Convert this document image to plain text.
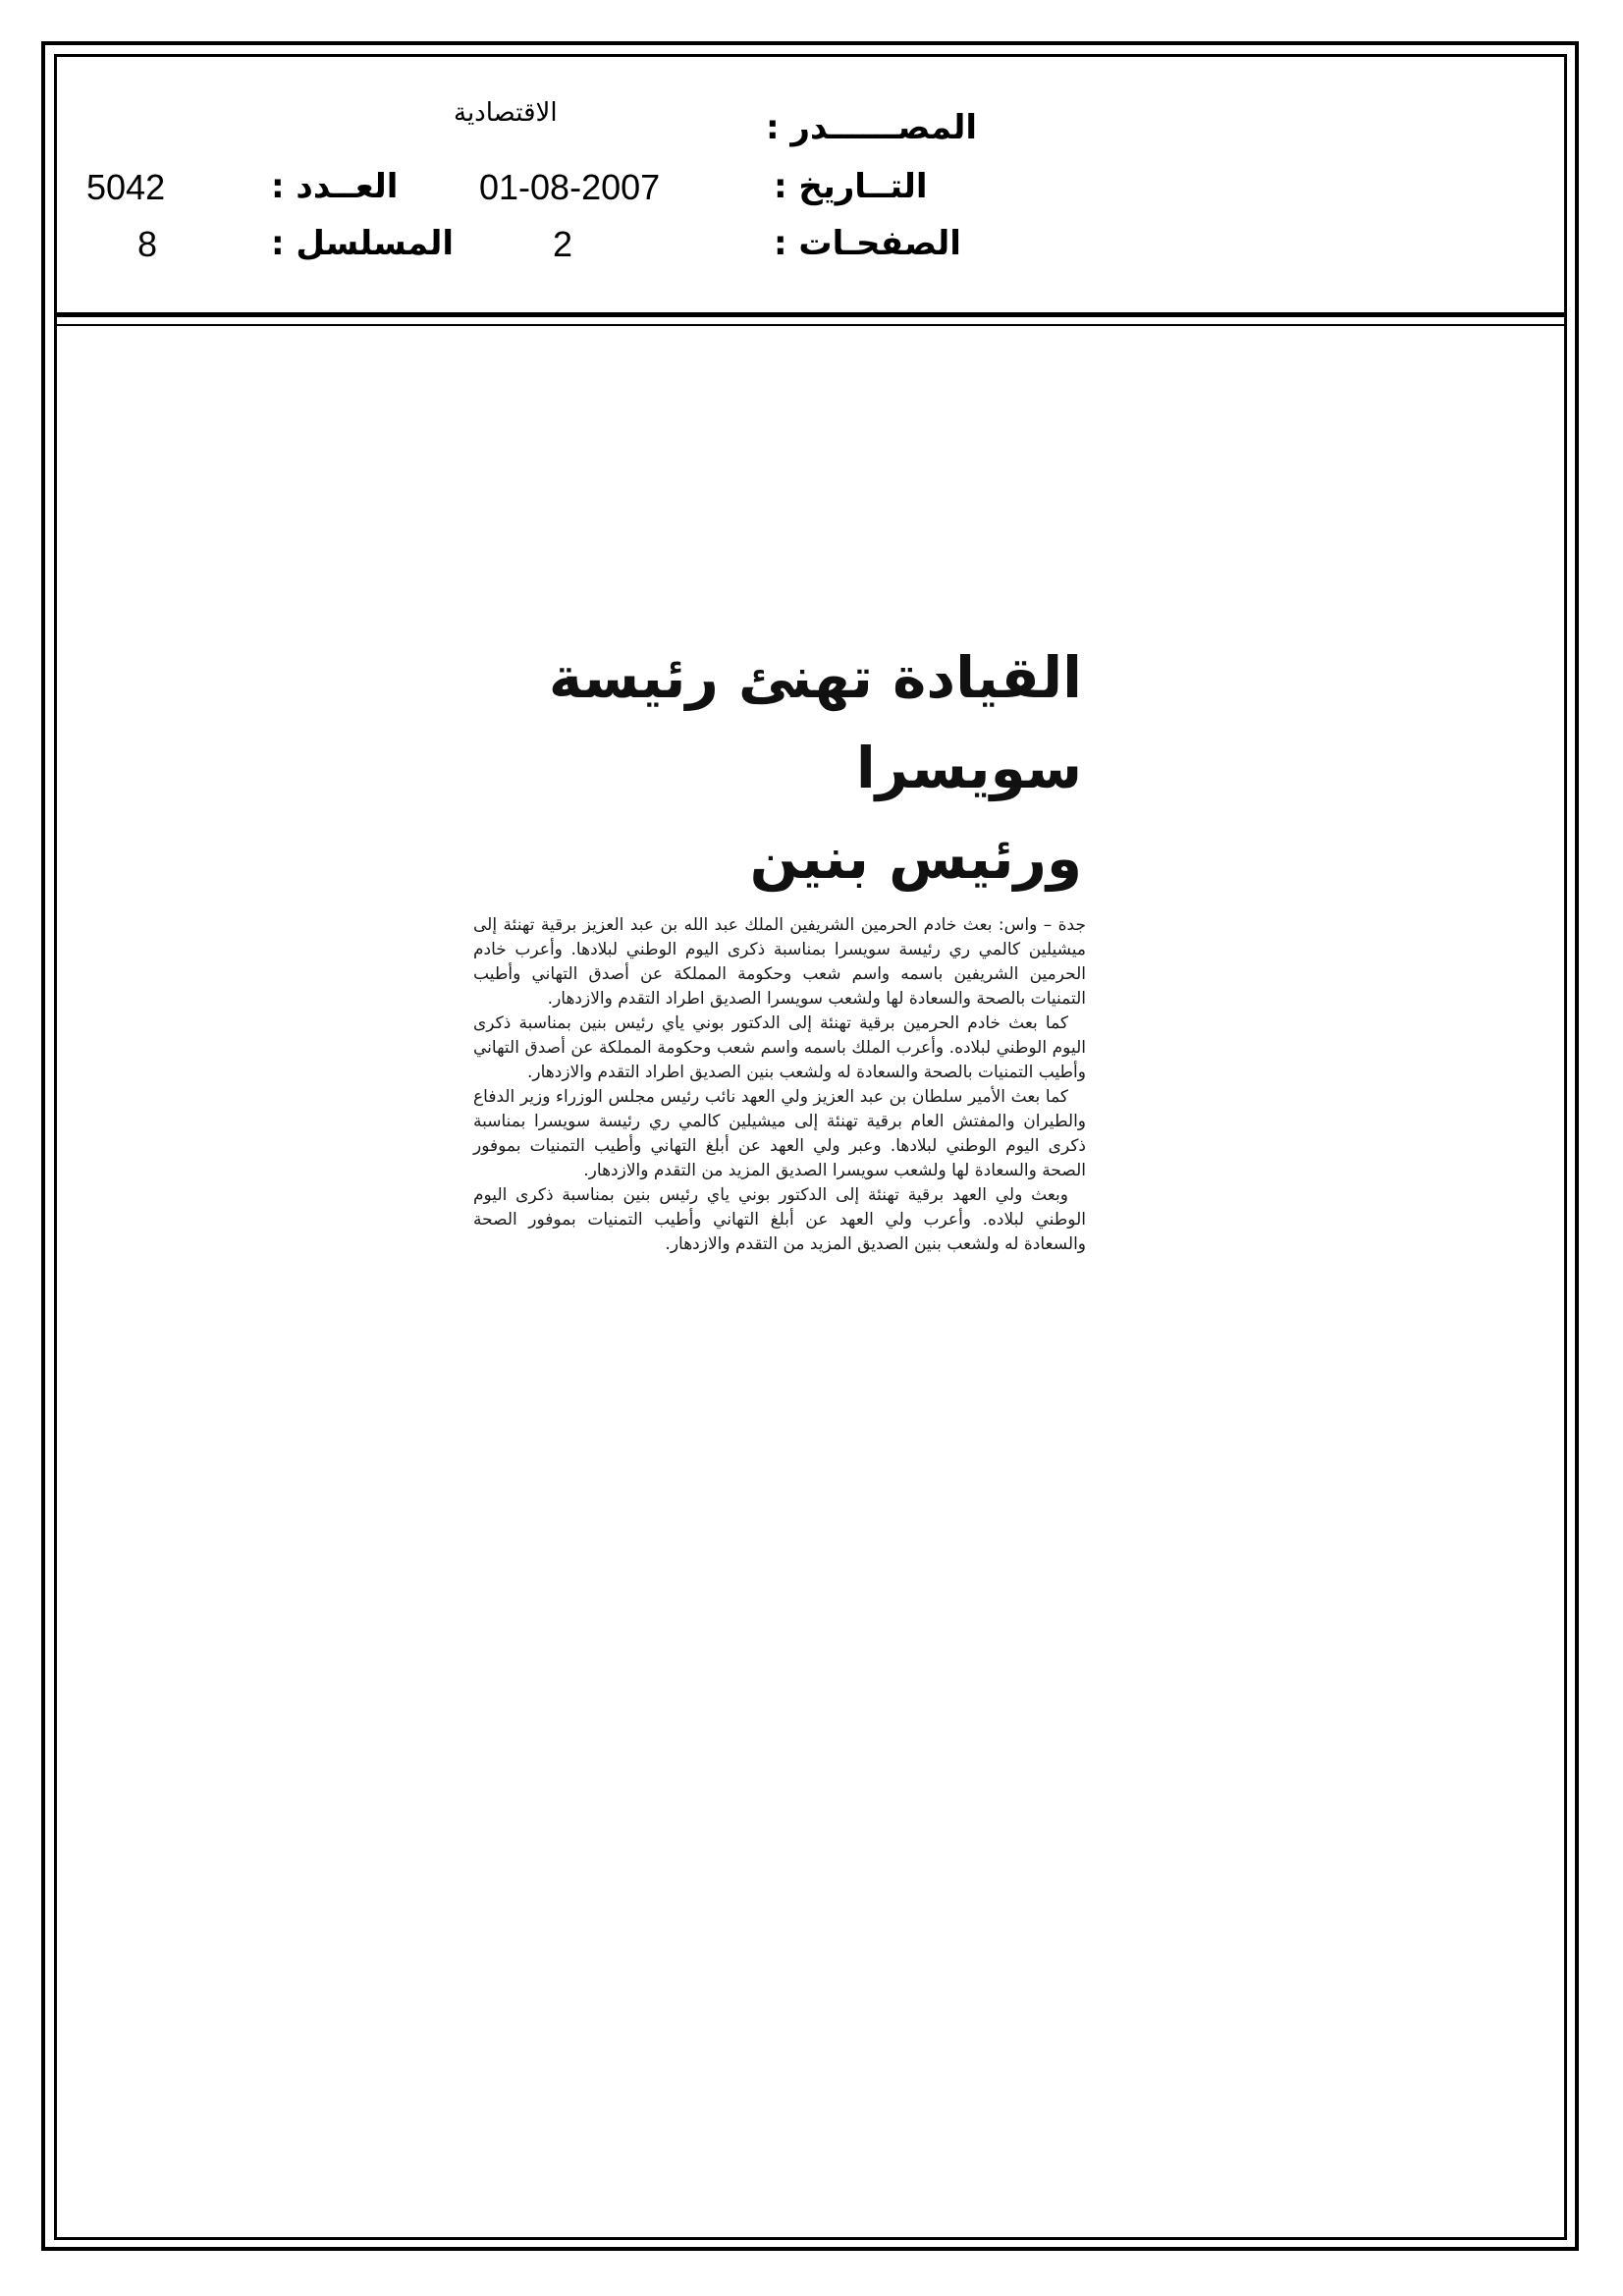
المصــــــدر :
الاقتصادية
التــاريخ :
01-08-2007
العــدد :
5042
الصفحـات :
2
المسلسل :
8
القيادة تهنئ رئيسة سويسرا
ورئيس بنين

جدة – واس: بعث خادم الحرمين الشريفين الملك عبد الله بن عبد العزيز برقية تهنئة إلى ميشيلين كالمي ري رئيسة سويسرا بمناسبة ذكرى اليوم الوطني لبلادها. وأعرب خادم الحرمين الشريفين باسمه واسم شعب وحكومة المملكة عن أصدق التهاني وأطيب التمنيات بالصحة والسعادة لها ولشعب سويسرا الصديق اطراد التقدم والازدهار.

كما بعث خادم الحرمين برقية تهنئة إلى الدكتور بوني ياي رئيس بنين بمناسبة ذكرى اليوم الوطني لبلاده. وأعرب الملك باسمه واسم شعب وحكومة المملكة عن أصدق التهاني وأطيب التمنيات بالصحة والسعادة له ولشعب بنين الصديق اطراد التقدم والازدهار.

كما بعث الأمير سلطان بن عبد العزيز ولي العهد نائب رئيس مجلس الوزراء وزير الدفاع والطيران والمفتش العام برقية تهنئة إلى ميشيلين كالمي ري رئيسة سويسرا بمناسبة ذكرى اليوم الوطني لبلادها. وعبر ولي العهد عن أبلغ التهاني وأطيب التمنيات بموفور الصحة والسعادة لها ولشعب سويسرا الصديق المزيد من التقدم والازدهار.

وبعث ولي العهد برقية تهنئة إلى الدكتور بوني ياي رئيس بنين بمناسبة ذكرى اليوم الوطني لبلاده. وأعرب ولي العهد عن أبلغ التهاني وأطيب التمنيات بموفور الصحة والسعادة له ولشعب بنين الصديق المزيد من التقدم والازدهار.
